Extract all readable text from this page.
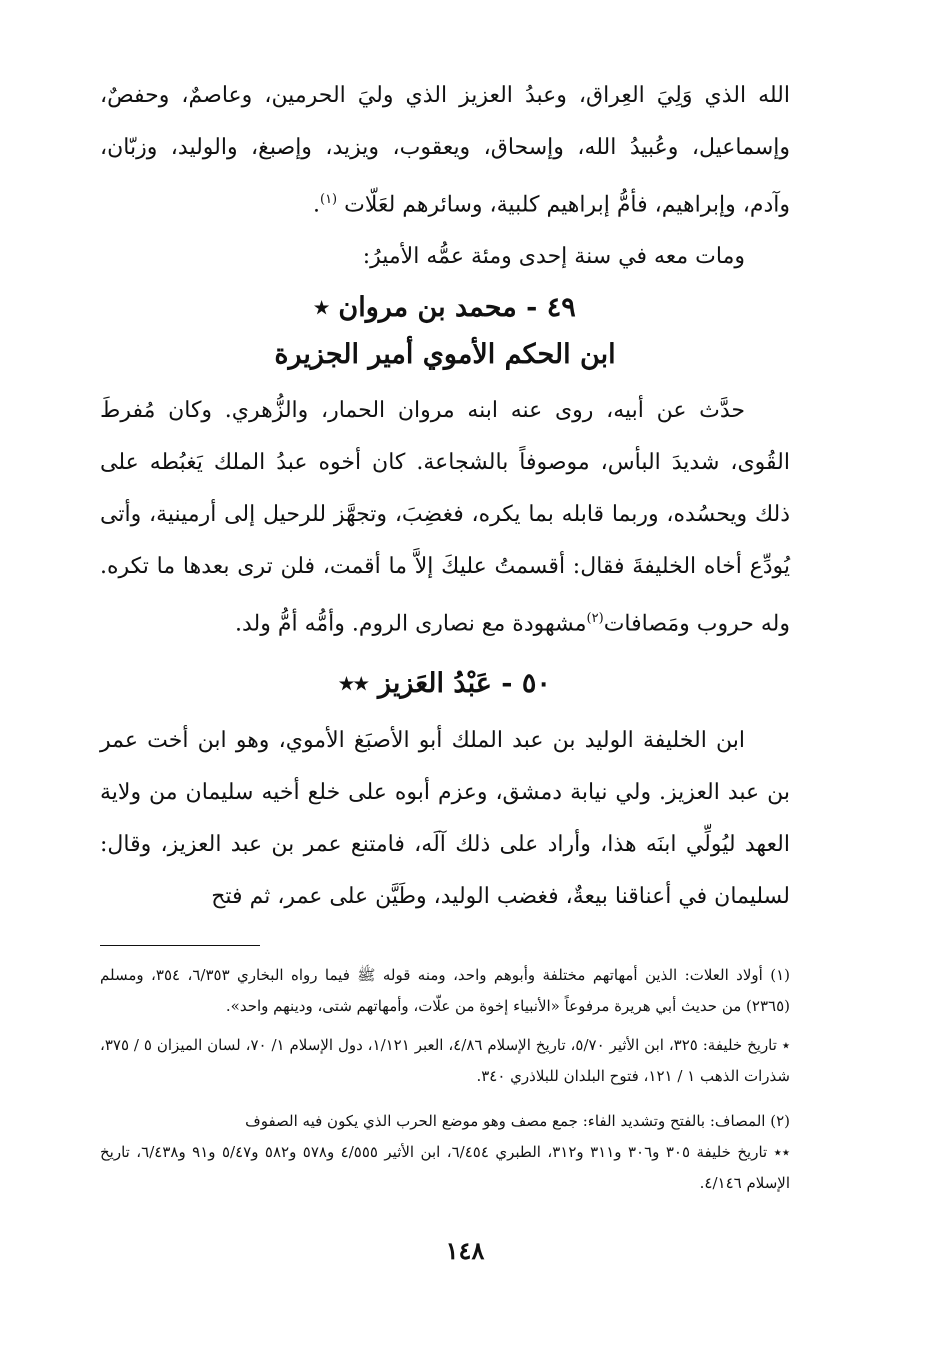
الله الذي وَلِيَ العِراق، وعبدُ العزيز الذي وليَ الحرمين، وعاصمٌ، وحفصٌ، وإسماعيل، وعُبيدُ الله، وإسحاق، ويعقوب، ويزيد، وإصبغ، والوليد، وزبّان، وآدم، وإبراهيم، فأمُّ إبراهيم كلبية، وسائرهم لعَلّات $^{(١)}$.

ومات معه في سنة إحدى ومئة عمُّه الأميرُ:

٤٩ - محمد بن مروان ٭
ابن الحكم الأموي أمير الجزيرة

حدَّث عن أبيه، روى عنه ابنه مروان الحمار، والزُّهري. وكان مُفرطَ القُوى، شديدَ البأس، موصوفاً بالشجاعة. كان أخوه عبدُ الملك يَغبُطه على ذلك ويحسُده، وربما قابله بما يكره، فغضِبَ، وتجهَّز للرحيل إلى أرمينية، وأتى يُودِّع أخاه الخليفةَ فقال: أقسمتُ عليكَ إلاَّ ما أقمت، فلن ترى بعدها ما تكره. وله حروب ومَصافات$^{(٢)}$مشهودة مع نصارى الروم. وأمُّه أمُّ ولد.

٥٠ - عَبْدُ العَزيز ٭٭

ابن الخليفة الوليد بن عبد الملك أبو الأصبَغ الأموي، وهو ابن أخت عمر بن عبد العزيز. ولي نيابة دمشق، وعزم أبوه على خلع أخيه سليمان من ولاية العهد ليُولِّي ابنَه هذا، وأراد على ذلك آلَه، فامتنع عمر بن عبد العزيز، وقال: لسليمان في أعناقنا بيعةٌ، فغضب الوليد، وطَيَّن على عمر، ثم فتح

(١) أولاد العلات: الذين أمهاتهم مختلفة وأبوهم واحد، ومنه قوله ﷺ فيما رواه البخاري ٦/٣٥٣، ٣٥٤، ومسلم (٢٣٦٥) من حديث أبي هريرة مرفوعاً «الأنبياء إخوة من علّات، وأمهاتهم شتى، ودينهم واحد».

٭ تاريخ خليفة: ٣٢٥، ابن الأثير ٥/٧٠، تاريخ الإسلام ٤/٨٦، العبر ١/١٢١، دول الإسلام ١/ ٧٠، لسان الميزان ٥ / ٣٧٥، شذرات الذهب ١ / ١٢١، فتوح البلدان للبلاذري ٣٤٠.

(٢) المصاف: بالفتح وتشديد الفاء: جمع مصف وهو موضع الحرب الذي يكون فيه الصفوف

٭٭ تاريخ خليفة ٣٠٥ و٣٠٦ و٣١١ و٣١٢، الطبري ٦/٤٥٤، ابن الأثير ٤/٥٥٥ و٥٧٨ و٥٨٢ و٥/٤٧ و٩١ و٦/٤٣٨، تاريخ الإسلام ٤/١٤٦.

١٤٨
